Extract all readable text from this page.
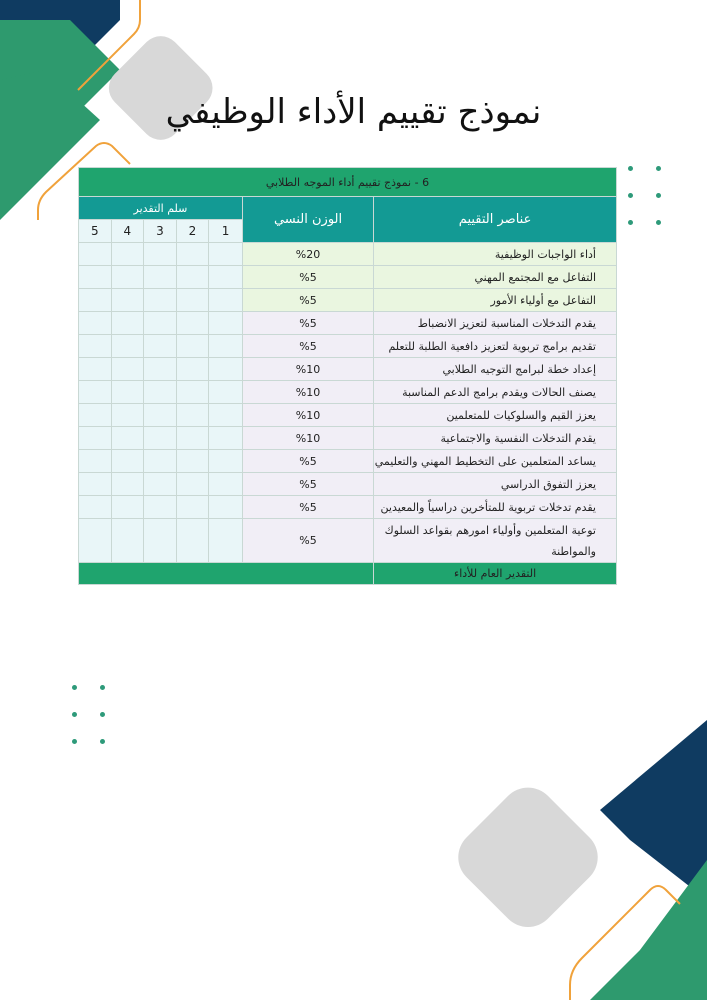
نموذج تقييم الأداء الوظيفي
6 - نموذج تقييم أداء الموجه الطلابي						
عناصر التقييم	الوزن النسي	سلم التقدير				
		1	2	3	4	5
أداء الواجبات الوظيفية	%20					
التفاعل مع المجتمع المهني	%5					
التفاعل مع أولياء الأمور	%5					
يقدم التدخلات المناسبة لتعزيز الانضباط	%5					
تقديم برامج تربوية لتعزيز دافعية الطلبة للتعلم	%5					
إعداد خطة لبرامج التوجيه الطلابي	%10					
يصنف الحالات ويقدم برامج الدعم المناسبة	%10					
يعزز القيم والسلوكيات للمتعلمين	%10					
يقدم التدخلات النفسية والاجتماعية	%10					
يساعد المتعلمين على التخطيط المهني والتعليمي	%5					
يعزز التفوق الدراسي	%5					
يقدم تدخلات تربوية للمتأخرين دراسياً والمعيدين	%5					
توعية المتعلمين وأولياء امورهم بقواعد السلوك والمواطنة	%5					
التقدير العام للأداء						
